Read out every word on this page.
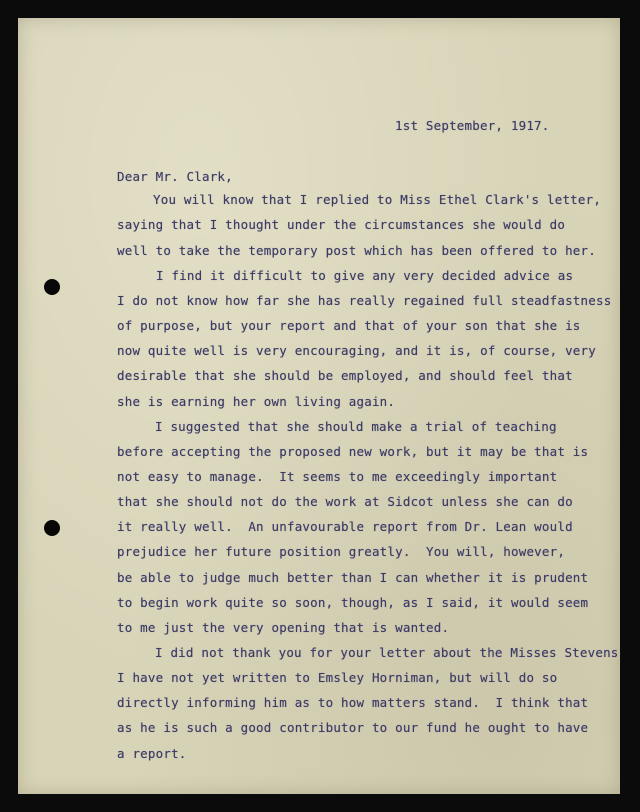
1st September, 1917.
Dear Mr. Clark,
You will know that I replied to Miss Ethel Clark's letter,
saying that I thought under the circumstances she would do
well to take the temporary post which has been offered to her.
I find it difficult to give any very decided advice as
I do not know how far she has really regained full steadfastness
of purpose, but your report and that of your son that she is
now quite well is very encouraging, and it is, of course, very
desirable that she should be employed, and should feel that
she is earning her own living again.
I suggested that she should make a trial of teaching
before accepting the proposed new work, but it may be that is
not easy to manage.  It seems to me exceedingly important
that she should not do the work at Sidcot unless she can do
it really well.  An unfavourable report from Dr. Lean would
prejudice her future position greatly.  You will, however,
be able to judge much better than I can whether it is prudent
to begin work quite so soon, though, as I said, it would seem
to me just the very opening that is wanted.
I did not thank you for your letter about the Misses Stevens
I have not yet written to Emsley Horniman, but will do so
directly informing him as to how matters stand.  I think that
as he is such a good contributor to our fund he ought to have
a report.
